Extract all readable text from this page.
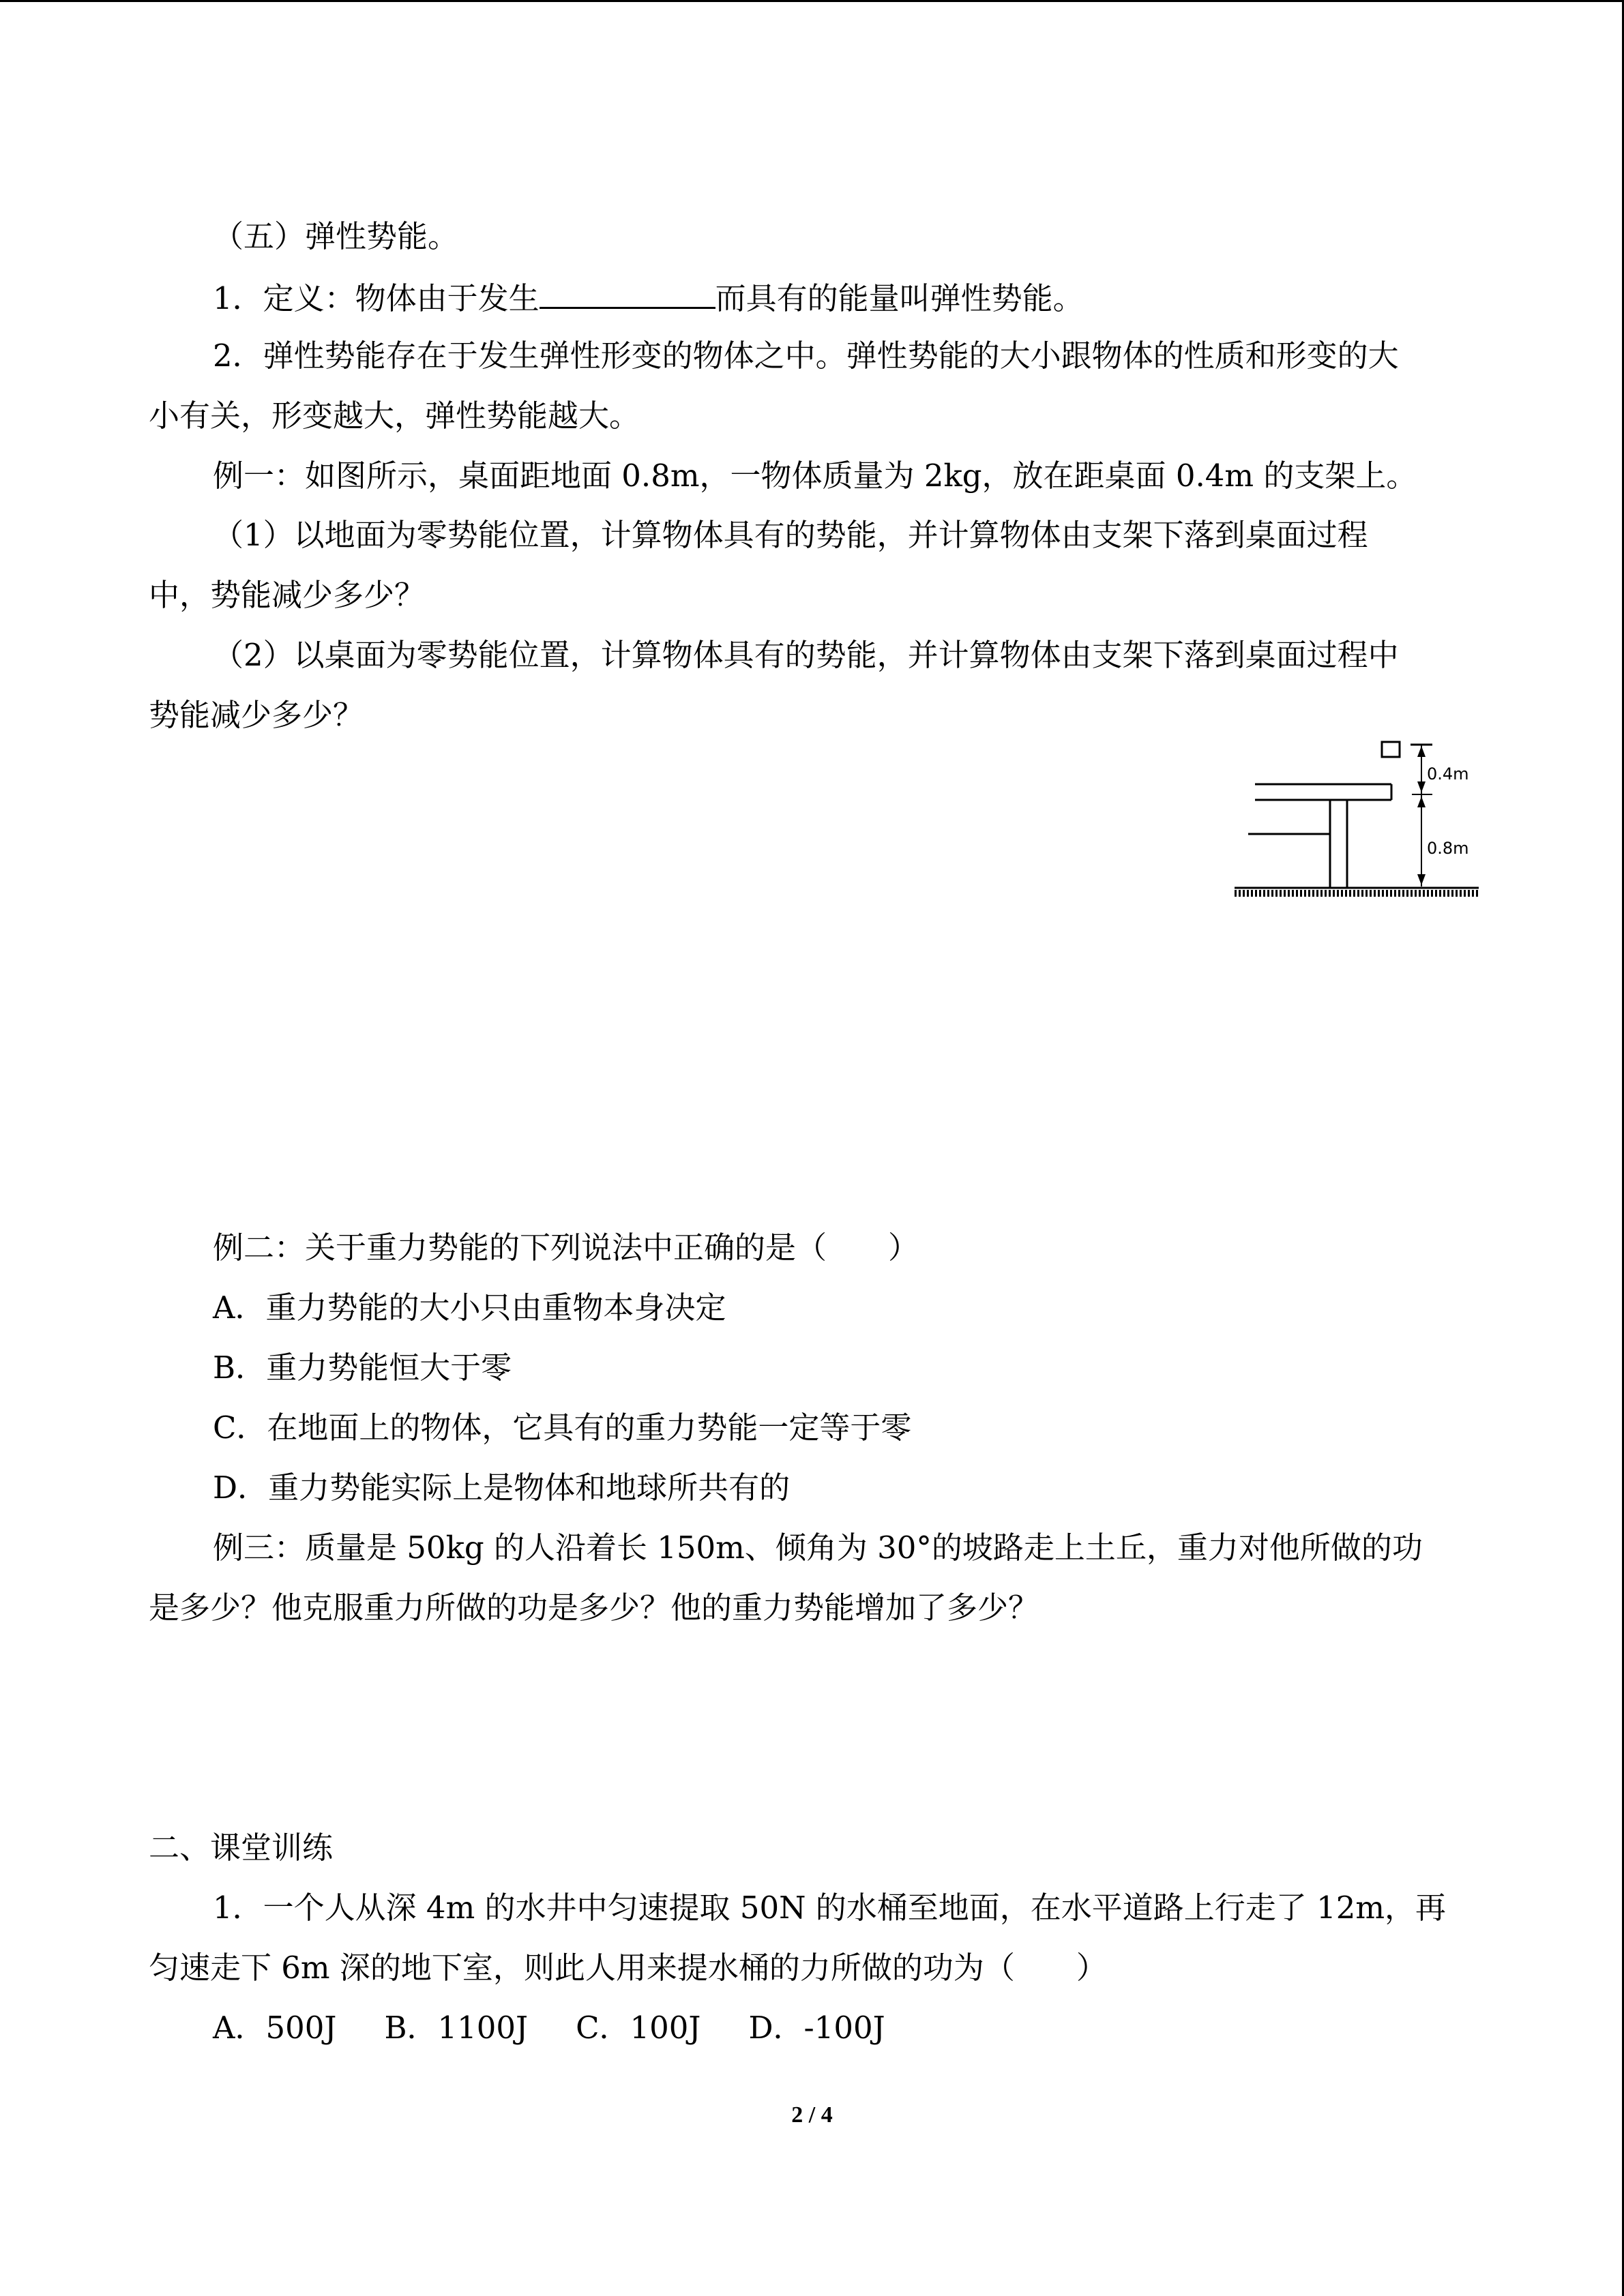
（五）弹性势能。
1．定义：物体由于发生	而具有的能量叫弹性势能。
2．弹性势能存在于发生弹性形变的物体之中。弹性势能的大小跟物体的性质和形变的大
小有关，形变越大，弹性势能越大。
例一：如图所示，桌面距地面 0.8m，一物体质量为 2kg，放在距桌面 0.4m 的支架上。
（1）以地面为零势能位置，计算物体具有的势能，并计算物体由支架下落到桌面过程
中，势能减少多少？
（2）以桌面为零势能位置，计算物体具有的势能，并计算物体由支架下落到桌面过程中
势能减少多少？
0.4m
0.8m
例二：关于重力势能的下列说法中正确的是（　　）
A．重力势能的大小只由重物本身决定
B．重力势能恒大于零
C．在地面上的物体，它具有的重力势能一定等于零
D．重力势能实际上是物体和地球所共有的
例三：质量是 50kg 的人沿着长 150m、倾角为 30°的坡路走上土丘，重力对他所做的功
是多少？他克服重力所做的功是多少？他的重力势能增加了多少？
二、课堂训练
1．一个人从深 4m 的水井中匀速提取 50N 的水桶至地面，在水平道路上行走了 12m，再
匀速走下 6m 深的地下室，则此人用来提水桶的力所做的功为（　　）
A．500J B．1100J C．100J D．-100J
2 / 4
